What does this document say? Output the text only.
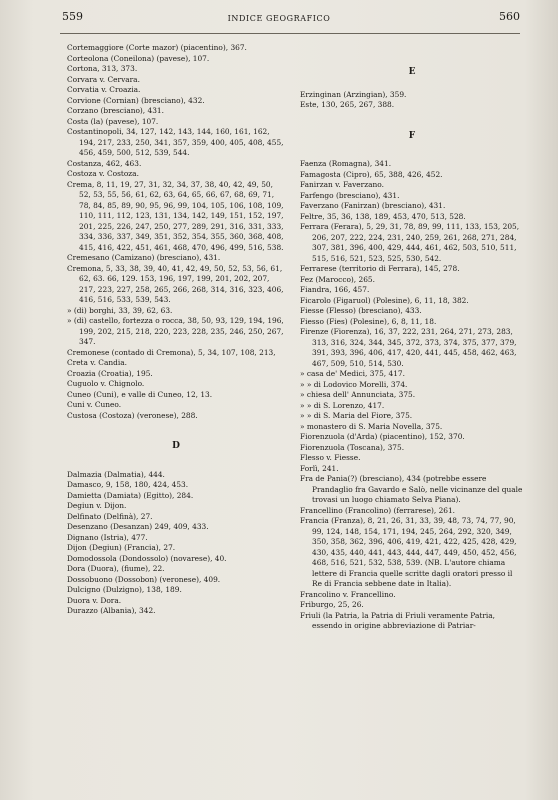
559	INDICE GEOGRAFICO	560

Cortemaggiore (Corte mazor) (piacentino), 367.

Corteolona (Coneilona) (pavese), 107.

Cortona, 313, 373.

Corvara v. Cervara.

Corvatia v. Croazia.

Corvione (Cornian) (bresciano), 432.

Corzano (bresciano), 431.

Costa (la) (pavese), 107.

Costantinopoli, 34, 127, 142, 143, 144, 160, 161, 162, 194, 217, 233, 250, 341, 357, 359, 400, 405, 408, 455, 456, 459, 500, 512, 539, 544.

Costanza, 462, 463.

Costoza v. Costoza.

Crema, 8, 11, 19, 27, 31, 32, 34, 37, 38, 40, 42, 49, 50, 52, 53, 55, 56, 61, 62, 63, 64, 65, 66, 67, 68, 69, 71, 78, 84, 85, 89, 90, 95, 96, 99, 104, 105, 106, 108, 109, 110, 111, 112, 123, 131, 134, 142, 149, 151, 152, 197, 201, 225, 226, 247, 250, 277, 289, 291, 316, 331, 333, 334, 336, 337, 349, 351, 352, 354, 355, 360, 368, 408, 415, 416, 422, 451, 461, 468, 470, 496, 499, 516, 538.

Cremesano (Camizano) (bresciano), 431.

Cremona, 5, 33, 38, 39, 40, 41, 42, 49, 50, 52, 53, 56, 61, 62, 63. 66, 129. 153, 196, 197, 199, 201, 202, 207, 217, 223, 227, 258, 265, 266, 268, 314, 316, 323, 406, 416, 516, 533, 539, 543.

» (di) borghi, 33, 39, 62, 63.

» (di) castello, fortezza o rocca, 38, 50, 93, 129, 194, 196, 199, 202, 215, 218, 220, 223, 228, 235, 246, 250, 267, 347.

Cremonese (contado di Cremona), 5, 34, 107, 108, 213,

Creta v. Candia.

Croazia (Croatia), 195.

Cuguolo v. Chignolo.

Cuneo (Cuni), e valle di Cuneo, 12, 13.

Cuni v. Cuneo.

Custosa (Costoza) (veronese), 288.

D

Dalmazia (Dalmatia), 444.

Damasco, 9, 158, 180, 424, 453.

Damietta (Damiata) (Egitto), 284.

Degiun v. Dijon.

Delfinato (Delfinà), 27.

Desenzano (Desanzan) 249, 409, 433.

Dignano (Istria), 477.

Dijon (Degiun) (Francia), 27.

Domodossola (Dondossolo) (novarese), 40.

Dora (Duora), (fiume), 22.

Dossobuono (Dossobon) (veronese), 409.

Dulcigno (Dulzigno), 138, 189.

Duora v. Dora.

Durazzo (Albania), 342.

E

Erzinginan (Arzingian), 359.

Este, 130, 265, 267, 388.

F

Faenza (Romagna), 341.

Famagosta (Cipro), 65, 388, 426, 452.

Fanirzan v. Faverzano.

Farfengo (bresciano), 431.

Faverzano (Fanirzan) (bresciano), 431.

Feltre, 35, 36, 138, 189, 453, 470, 513, 528.

Ferrara (Ferara), 5, 29, 31, 78, 89, 99, 111, 133, 153, 205, 206, 207, 222, 224, 231, 240, 259, 261, 268, 271, 284, 307, 381, 396, 400, 429, 444, 461, 462, 503, 510, 511, 515, 516, 521, 523, 525, 530, 542.

Ferrarese (territorio di Ferrara), 145, 278.

Fez (Marocco), 265.

Fiandra, 166, 457.

Ficarolo (Figaruol) (Polesine), 6, 11, 18, 382.

Fiesse (Flesso) (bresciano), 433.

Fiesso (Fies) (Polesine), 6, 8, 11, 18.

Firenze (Fiorenza), 16, 37, 222, 231, 264, 271, 273, 283, 313, 316, 324, 344, 345, 372, 373, 374, 375, 377, 379, 391, 393, 396, 406, 417, 420, 441, 445, 458, 462, 463, 467, 509, 510, 514, 530.

» casa de' Medici, 375, 417.

» » di Lodovico Morelli, 374.

» chiesa dell' Annunciata, 375.

» » di S. Lorenzo, 417.

» » di S. Maria del Fiore, 375.

» monastero di S. Maria Novella, 375.

Fiorenzuola (d'Arda) (piacentino), 152, 370.

Fiorenzuola (Toscana), 375.

Flesso v. Fiesse.

Forlì, 241.

Fra de Pania(?) (bresciano), 434 (potrebbe essere Prandaglio fra Gavardo e Salò, nelle vicinanze del quale trovasi un luogo chiamato Selva Piana).

Francellino (Francolino) (ferrarese), 261.

Francia (Franza), 8, 21, 26, 31, 33, 39, 48, 73, 74, 77, 90, 99, 124, 148, 154, 171, 194, 245, 264, 292, 320, 349, 350, 358, 362, 396, 406, 419, 421, 422, 425, 428, 429, 430, 435, 440, 441, 443, 444, 447, 449, 450, 452, 456, 468, 516, 521, 532, 538, 539. (NB. L'autore chiama lettere di Francia quelle scritte dagli oratori presso il Re di Francia sebbene date in Italia).

Francolino v. Francellino.

Friburgo, 25, 26.

Friuli (la Patria, la Patria di Friuli veramente Patria, essendo in origine abbreviazione di Patriar-
